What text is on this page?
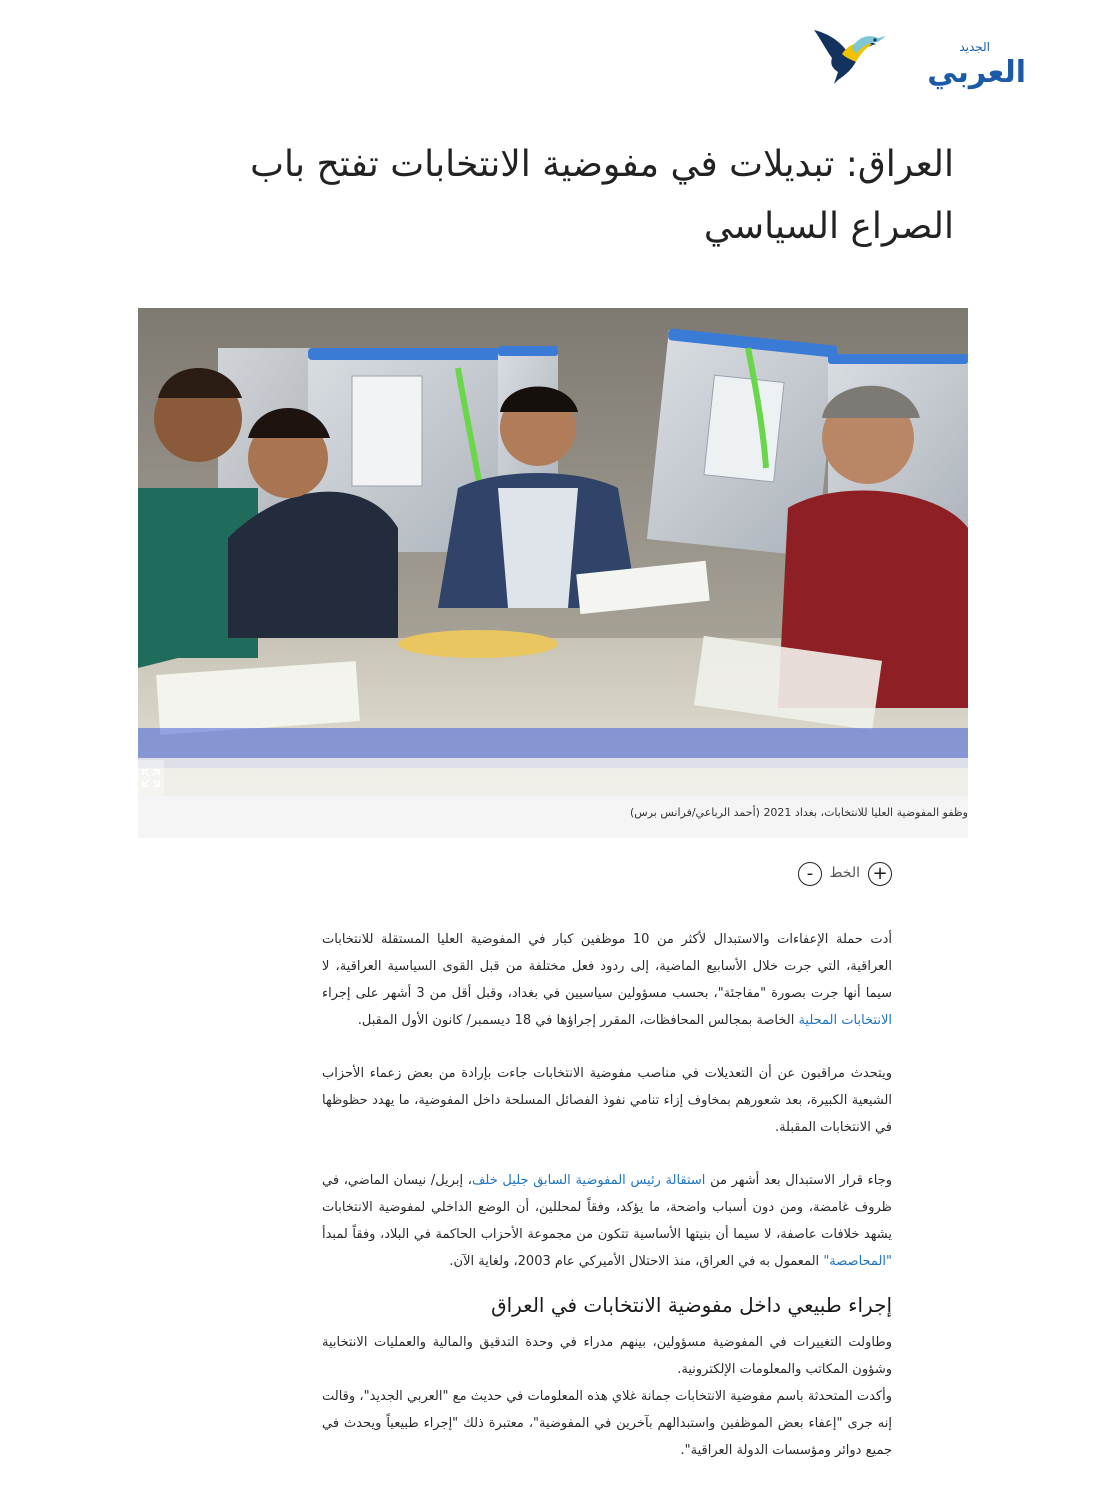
الجديد
العربي
العراق: تبديلات في مفوضية الانتخابات تفتح باب الصراع السياسي
وظفو المفوضية العليا للانتخابات، بغداد 2021 (أحمد الرباعي/فرانس برس)
+
الخط
-

أدت حملة الإعفاءات والاستبدال لأكثر من 10 موظفين كبار في المفوضية العليا المستقلة للانتخابات العراقية، التي جرت خلال الأسابيع الماضية، إلى ردود فعل مختلفة من قبل القوى السياسية العراقية، لا سيما أنها جرت بصورة "مفاجئة"، بحسب مسؤولين سياسيين في بغداد، وقبل أقل من 3 أشهر على إجراء الانتخابات المحلية الخاصة بمجالس المحافظات، المقرر إجراؤها في 18 ديسمبر/ كانون الأول المقبل.

ويتحدث مراقبون عن أن التعديلات في مناصب مفوضية الانتخابات جاءت بإرادة من بعض زعماء الأحزاب الشيعية الكبيرة، بعد شعورهم بمخاوف إزاء تنامي نفوذ الفصائل المسلحة داخل المفوضية، ما يهدد حظوظها في الانتخابات المقبلة.

وجاء قرار الاستبدال بعد أشهر من استقالة رئيس المفوضية السابق جليل خلف، إبريل/ نيسان الماضي، في ظروف غامضة، ومن دون أسباب واضحة، ما يؤكد، وفقاً لمحللين، أن الوضع الداخلي لمفوضية الانتخابات يشهد خلافات عاصفة، لا سيما أن بنيتها الأساسية تتكون من مجموعة الأحزاب الحاكمة في البلاد، وفقاً لمبدأ "المحاصصة" المعمول به في العراق، منذ الاحتلال الأميركي عام 2003، ولغاية الآن.

إجراء طبيعي داخل مفوضية الانتخابات في العراق

وطاولت التغييرات في المفوضية مسؤولين، بينهم مدراء في وحدة التدقيق والمالية والعمليات الانتخابية وشؤون المكاتب والمعلومات الإلكترونية.

وأكدت المتحدثة باسم مفوضية الانتخابات جمانة غلاي هذه المعلومات في حديث مع "العربي الجديد"، وقالت إنه جرى "إعفاء بعض الموظفين واستبدالهم بآخرين في المفوضية"، معتبرة ذلك "إجراء طبيعياً ويحدث في جميع دوائر ومؤسسات الدولة العراقية".
